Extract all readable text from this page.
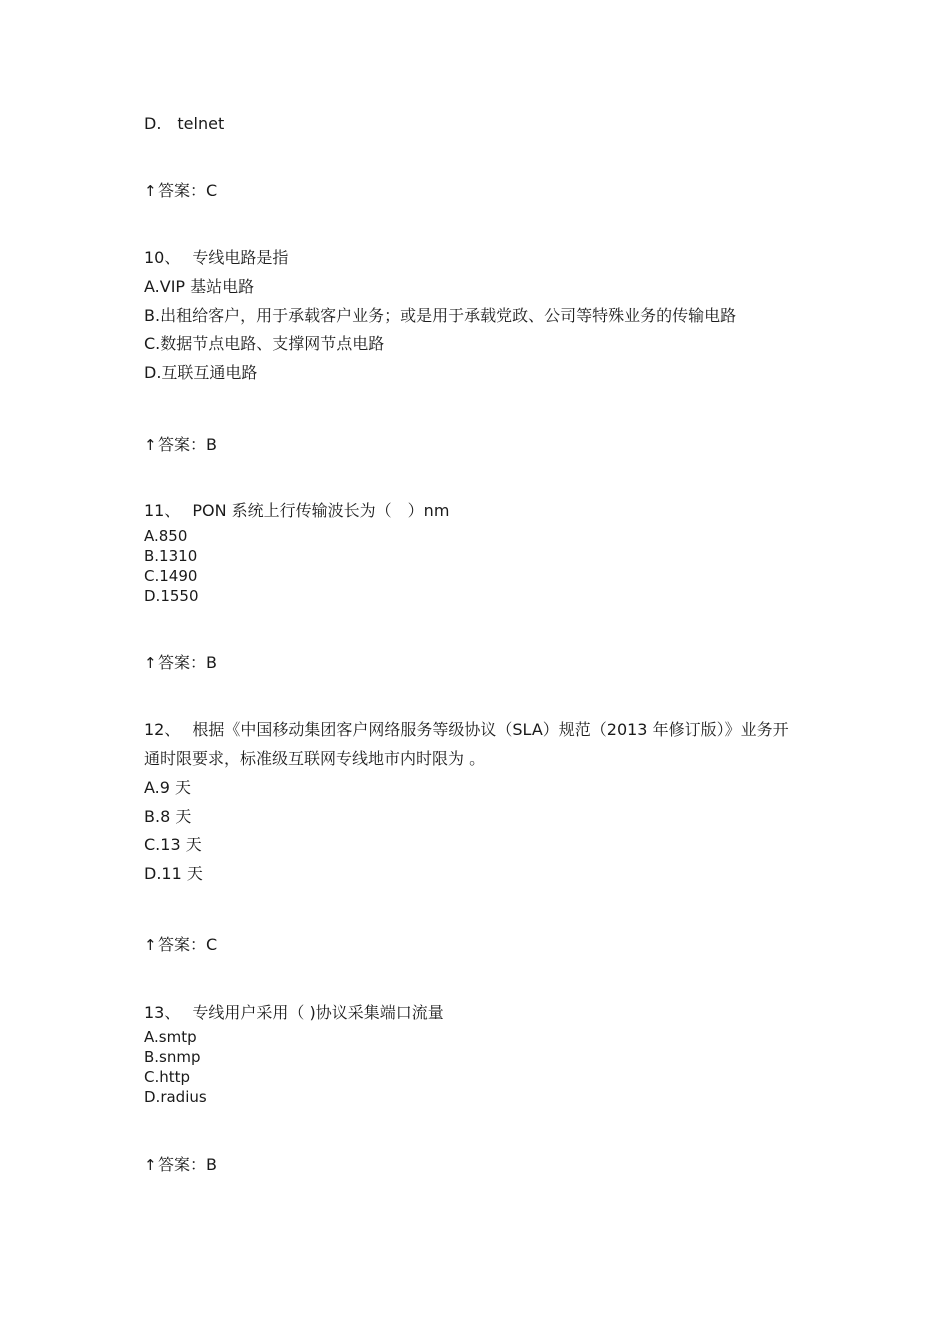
D.　telnet
↑答案：C
10、 专线电路是指
A.VIP 基站电路
B.出租给客户，用于承载客户业务；或是用于承载党政、公司等特殊业务的传输电路
C.数据节点电路、支撑网节点电路
D.互联互通电路
↑答案：B
11、 PON 系统上行传输波长为（　）nm
A.850
B.1310
C.1490
D.1550
↑答案：B
12、 根据《中国移动集团客户网络服务等级协议（SLA）规范（2013 年修订版）》业务开
通时限要求，标准级互联网专线地市内时限为 。
A.9 天
B.8 天
C.13 天
D.11 天
↑答案：C
13、 专线用户采用（ )协议采集端口流量
A.smtp
B.snmp
C.http
D.radius
↑答案：B
